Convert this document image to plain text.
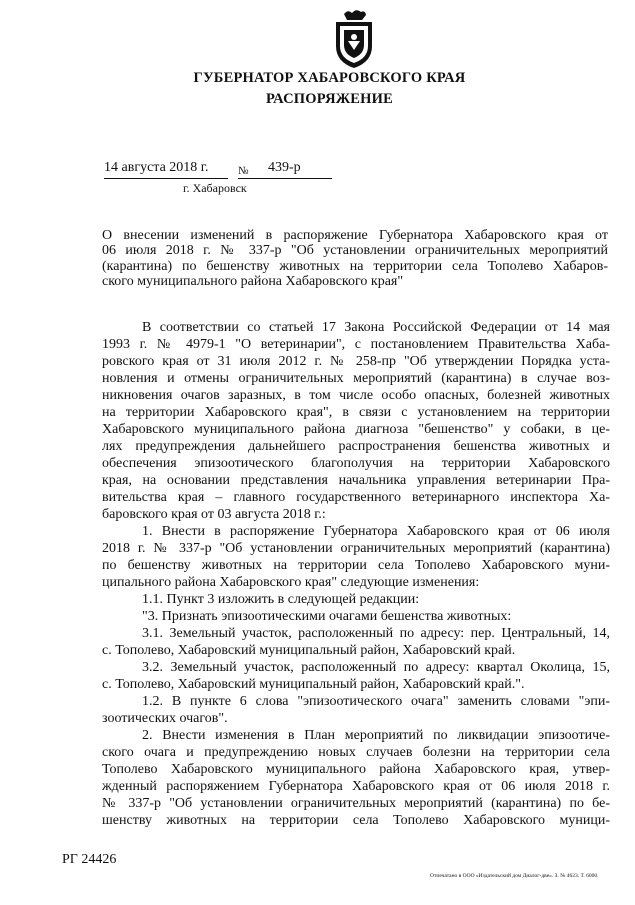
ГУБЕРНАТОР ХАБАРОВСКОГО КРАЯ
РАСПОРЯЖЕНИЕ
14 августа 2018 г.	№ 439-р
г. Хабаровск
О внесении изменений в распоряжение Губернатора Хабаровского края от
06 июля 2018 г. № 337-р "Об установлении ограничительных мероприятий
(карантина) по бешенству животных на территории села Тополево Хабаров-
ского муниципального района Хабаровского края"
В соответствии со статьей 17 Закона Российской Федерации от 14 мая
1993 г. № 4979-1 "О ветеринарии", с постановлением Правительства Хаба-
ровского края от 31 июля 2012 г. № 258-пр "Об утверждении Порядка уста-
новления и отмены ограничительных мероприятий (карантина) в случае воз-
никновения очагов заразных, в том числе особо опасных, болезней животных
на территории Хабаровского края", в связи с установлением на территории
Хабаровского муниципального района диагноза "бешенство" у собаки, в це-
лях предупреждения дальнейшего распространения бешенства животных и
обеспечения эпизоотического благополучия на территории Хабаровского
края, на основании представления начальника управления ветеринарии Пра-
вительства края – главного государственного ветеринарного инспектора Ха-
баровского края от 03 августа 2018 г.:
1. Внести в распоряжение Губернатора Хабаровского края от 06 июля
2018 г. № 337-р "Об установлении ограничительных мероприятий (карантина)
по бешенству животных на территории села Тополево Хабаровского муни-
ципального района Хабаровского края" следующие изменения:
1.1. Пункт 3 изложить в следующей редакции:
"3. Признать эпизоотическими очагами бешенства животных:
3.1. Земельный участок, расположенный по адресу: пер. Центральный, 14,
с. Тополево, Хабаровский муниципальный район, Хабаровский край.
3.2. Земельный участок, расположенный по адресу: квартал Околица, 15,
с. Тополево, Хабаровский муниципальный район, Хабаровский край.".
1.2. В пункте 6 слова "эпизоотического очага" заменить словами "эпи-
зоотических очагов".
2. Внести изменения в План мероприятий по ликвидации эпизоотиче-
ского очага и предупреждению новых случаев болезни на территории села
Тополево Хабаровского муниципального района Хабаровского края, утвер-
жденный распоряжением Губернатора Хабаровского края от 06 июля 2018 г.
№ 337-р "Об установлении ограничительных мероприятий (карантина) по бе-
шенству животных на территории села Тополево Хабаровского муници-
РГ 24426
Отпечатано в ООО «Издательский дом Диалог-две». З. № 4623. Т. 6000.
